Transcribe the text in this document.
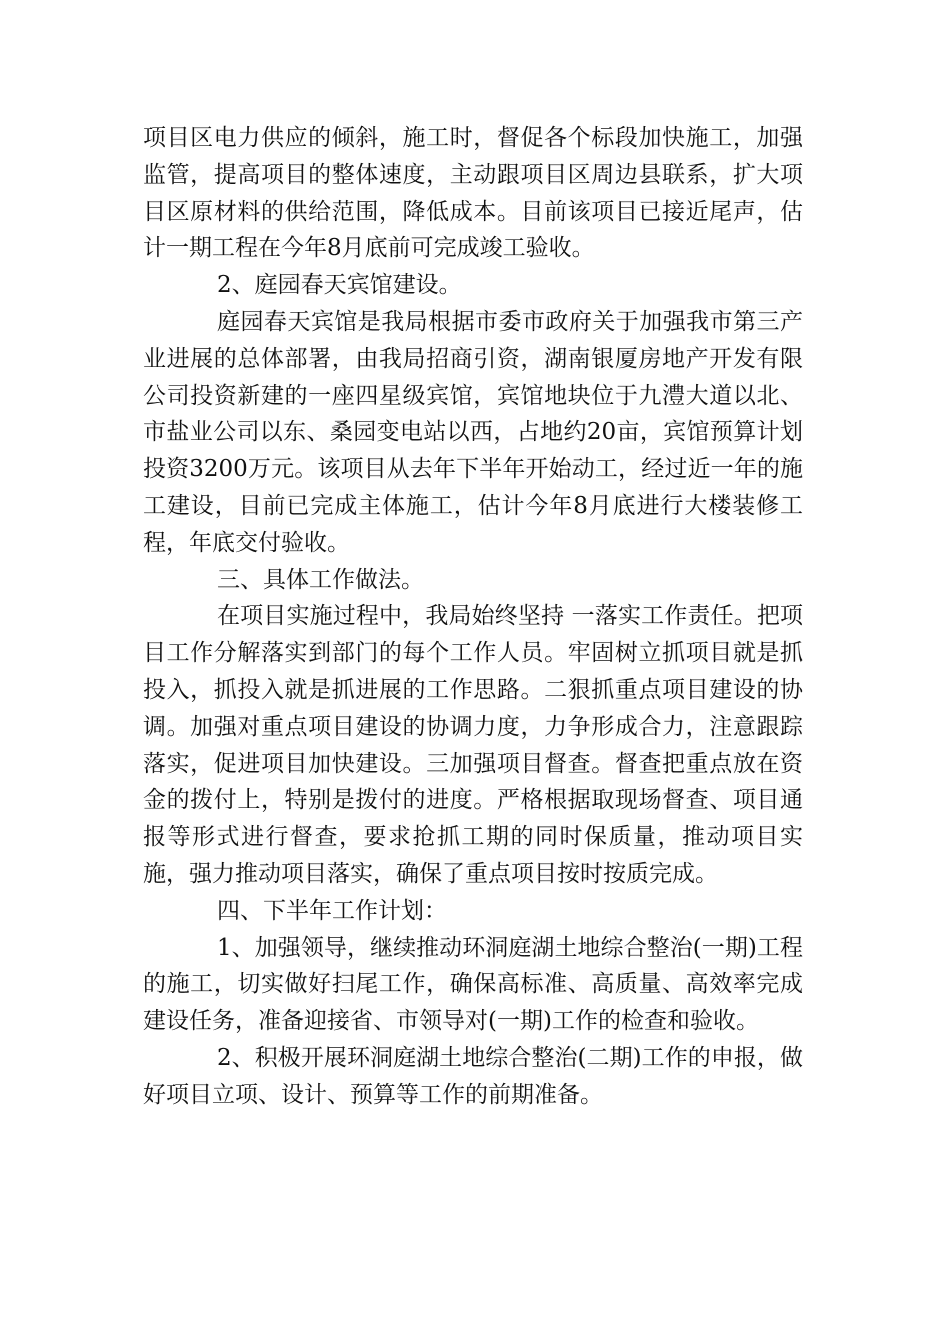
项目区电力供应的倾斜，施工时，督促各个标段加快施工，加强监管，提高项目的整体速度，主动跟项目区周边县联系，扩大项目区原材料的供给范围，降低成本。目前该项目已接近尾声，估计一期工程在今年8月底前可完成竣工验收。

2、庭园春天宾馆建设。

庭园春天宾馆是我局根据市委市政府关于加强我市第三产业进展的总体部署，由我局招商引资，湖南银厦房地产开发有限公司投资新建的一座四星级宾馆，宾馆地块位于九澧大道以北、市盐业公司以东、桑园变电站以西，占地约20亩，宾馆预算计划投资3200万元。该项目从去年下半年开始动工，经过近一年的施工建设，目前已完成主体施工，估计今年8月底进行大楼装修工程，年底交付验收。

三、具体工作做法。

在项目实施过程中，我局始终坚持 一落实工作责任。把项目工作分解落实到部门的每个工作人员。牢固树立抓项目就是抓投入，抓投入就是抓进展的工作思路。二狠抓重点项目建设的协调。加强对重点项目建设的协调力度，力争形成合力，注意跟踪落实，促进项目加快建设。三加强项目督查。督查把重点放在资金的拨付上，特别是拨付的进度。严格根据取现场督查、项目通报等形式进行督查，要求抢抓工期的同时保质量，推动项目实施，强力推动项目落实，确保了重点项目按时按质完成。

四、下半年工作计划：

1、加强领导，继续推动环洞庭湖土地综合整治(一期)工程的施工，切实做好扫尾工作，确保高标准、高质量、高效率完成建设任务，准备迎接省、市领导对(一期)工作的检查和验收。

2、积极开展环洞庭湖土地综合整治(二期)工作的申报，做好项目立项、设计、预算等工作的前期准备。
